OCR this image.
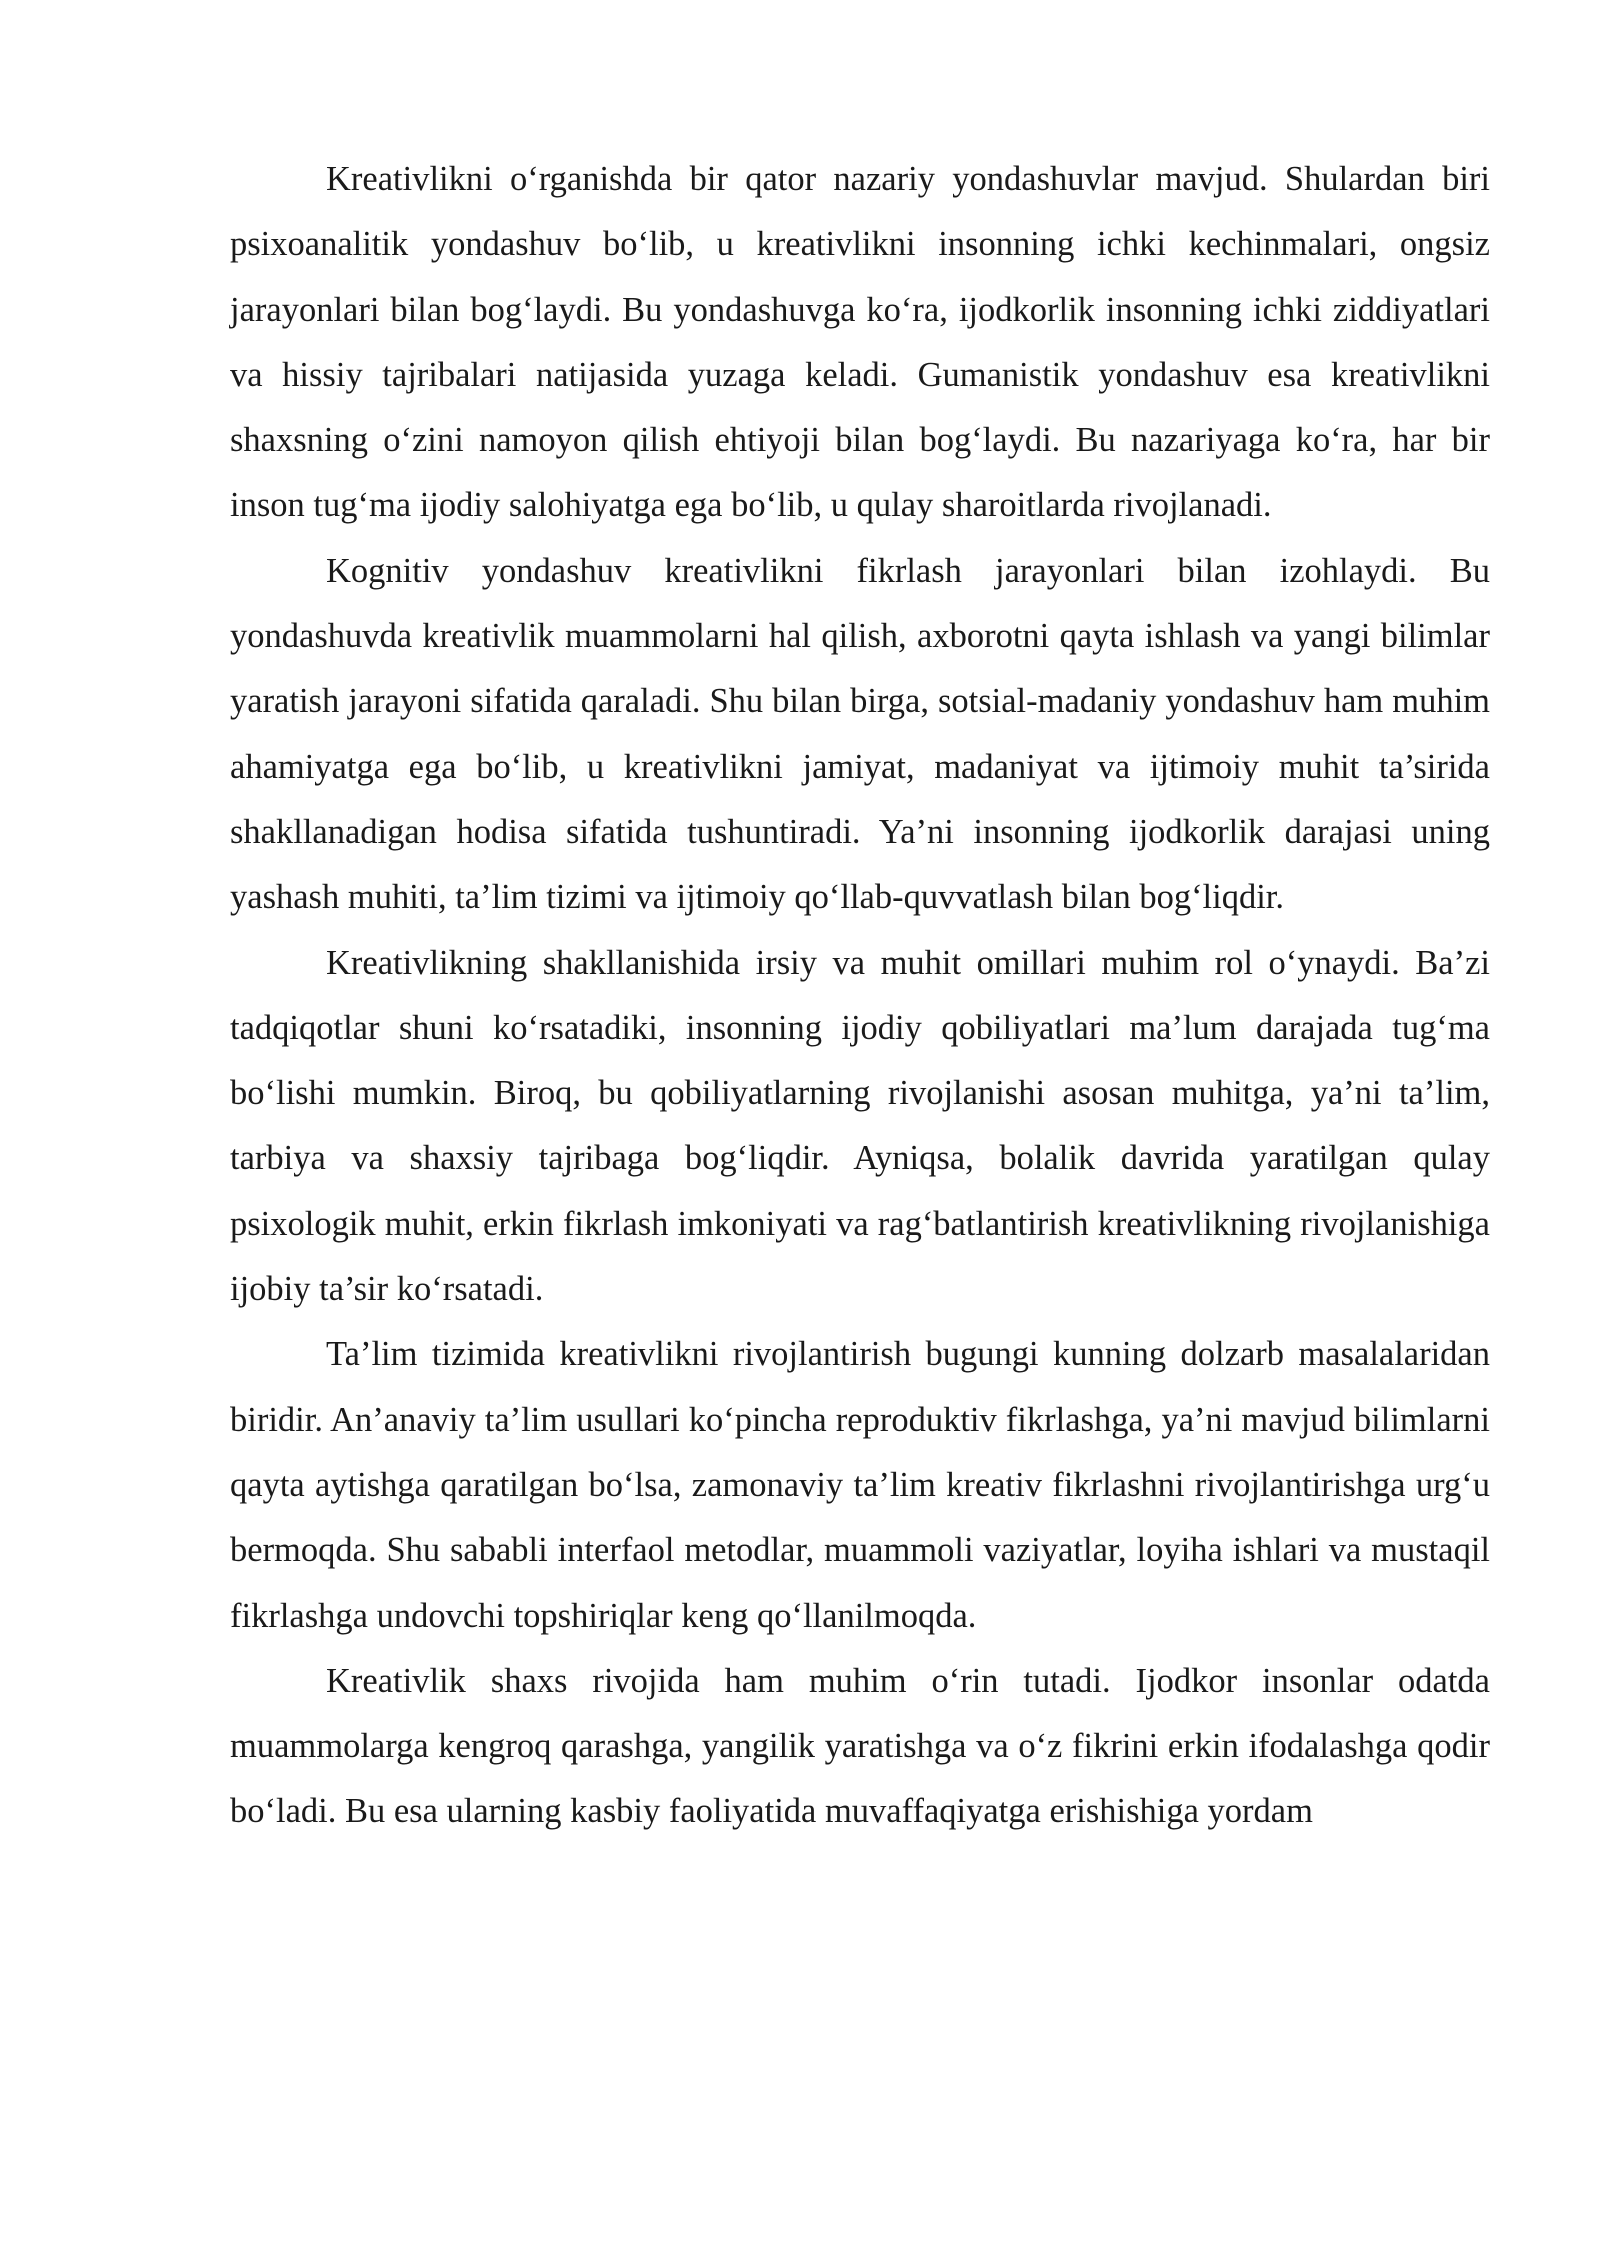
Kreativlikni o‘rganishda bir qator nazariy yondashuvlar mavjud. Shulardan biri psixoanalitik yondashuv bo‘lib, u kreativlikni insonning ichki kechinmalari, ongsiz jarayonlari bilan bog‘laydi. Bu yondashuvga ko‘ra, ijodkorlik insonning ichki ziddiyatlari va hissiy tajribalari natijasida yuzaga keladi. Gumanistik yondashuv esa kreativlikni shaxsning o‘zini namoyon qilish ehtiyoji bilan bog‘laydi. Bu nazariyaga ko‘ra, har bir inson tug‘ma ijodiy salohiyatga ega bo‘lib, u qulay sharoitlarda rivojlanadi.

Kognitiv yondashuv kreativlikni fikrlash jarayonlari bilan izohlaydi. Bu yondashuvda kreativlik muammolarni hal qilish, axborotni qayta ishlash va yangi bilimlar yaratish jarayoni sifatida qaraladi. Shu bilan birga, sotsial-madaniy yondashuv ham muhim ahamiyatga ega bo‘lib, u kreativlikni jamiyat, madaniyat va ijtimoiy muhit ta’sirida shakllanadigan hodisa sifatida tushuntiradi. Ya’ni insonning ijodkorlik darajasi uning yashash muhiti, ta’lim tizimi va ijtimoiy qo‘llab-quvvatlash bilan bog‘liqdir.

Kreativlikning shakllanishida irsiy va muhit omillari muhim rol o‘ynaydi. Ba’zi tadqiqotlar shuni ko‘rsatadiki, insonning ijodiy qobiliyatlari ma’lum darajada tug‘ma bo‘lishi mumkin. Biroq, bu qobiliyatlarning rivojlanishi asosan muhitga, ya’ni ta’lim, tarbiya va shaxsiy tajribaga bog‘liqdir. Ayniqsa, bolalik davrida yaratilgan qulay psixologik muhit, erkin fikrlash imkoniyati va rag‘batlantirish kreativlikning rivojlanishiga ijobiy ta’sir ko‘rsatadi.

Ta’lim tizimida kreativlikni rivojlantirish bugungi kunning dolzarb masalalaridan biridir. An’anaviy ta’lim usullari ko‘pincha reproduktiv fikrlashga, ya’ni mavjud bilimlarni qayta aytishga qaratilgan bo‘lsa, zamonaviy ta’lim kreativ fikrlashni rivojlantirishga urg‘u bermoqda. Shu sababli interfaol metodlar, muammoli vaziyatlar, loyiha ishlari va mustaqil fikrlashga undovchi topshiriqlar keng qo‘llanilmoqda.

Kreativlik shaxs rivojida ham muhim o‘rin tutadi. Ijodkor insonlar odatda muammolarga kengroq qarashga, yangilik yaratishga va o‘z fikrini erkin ifodalashga qodir bo‘ladi. Bu esa ularning kasbiy faoliyatida muvaffaqiyatga erishishiga yordam
